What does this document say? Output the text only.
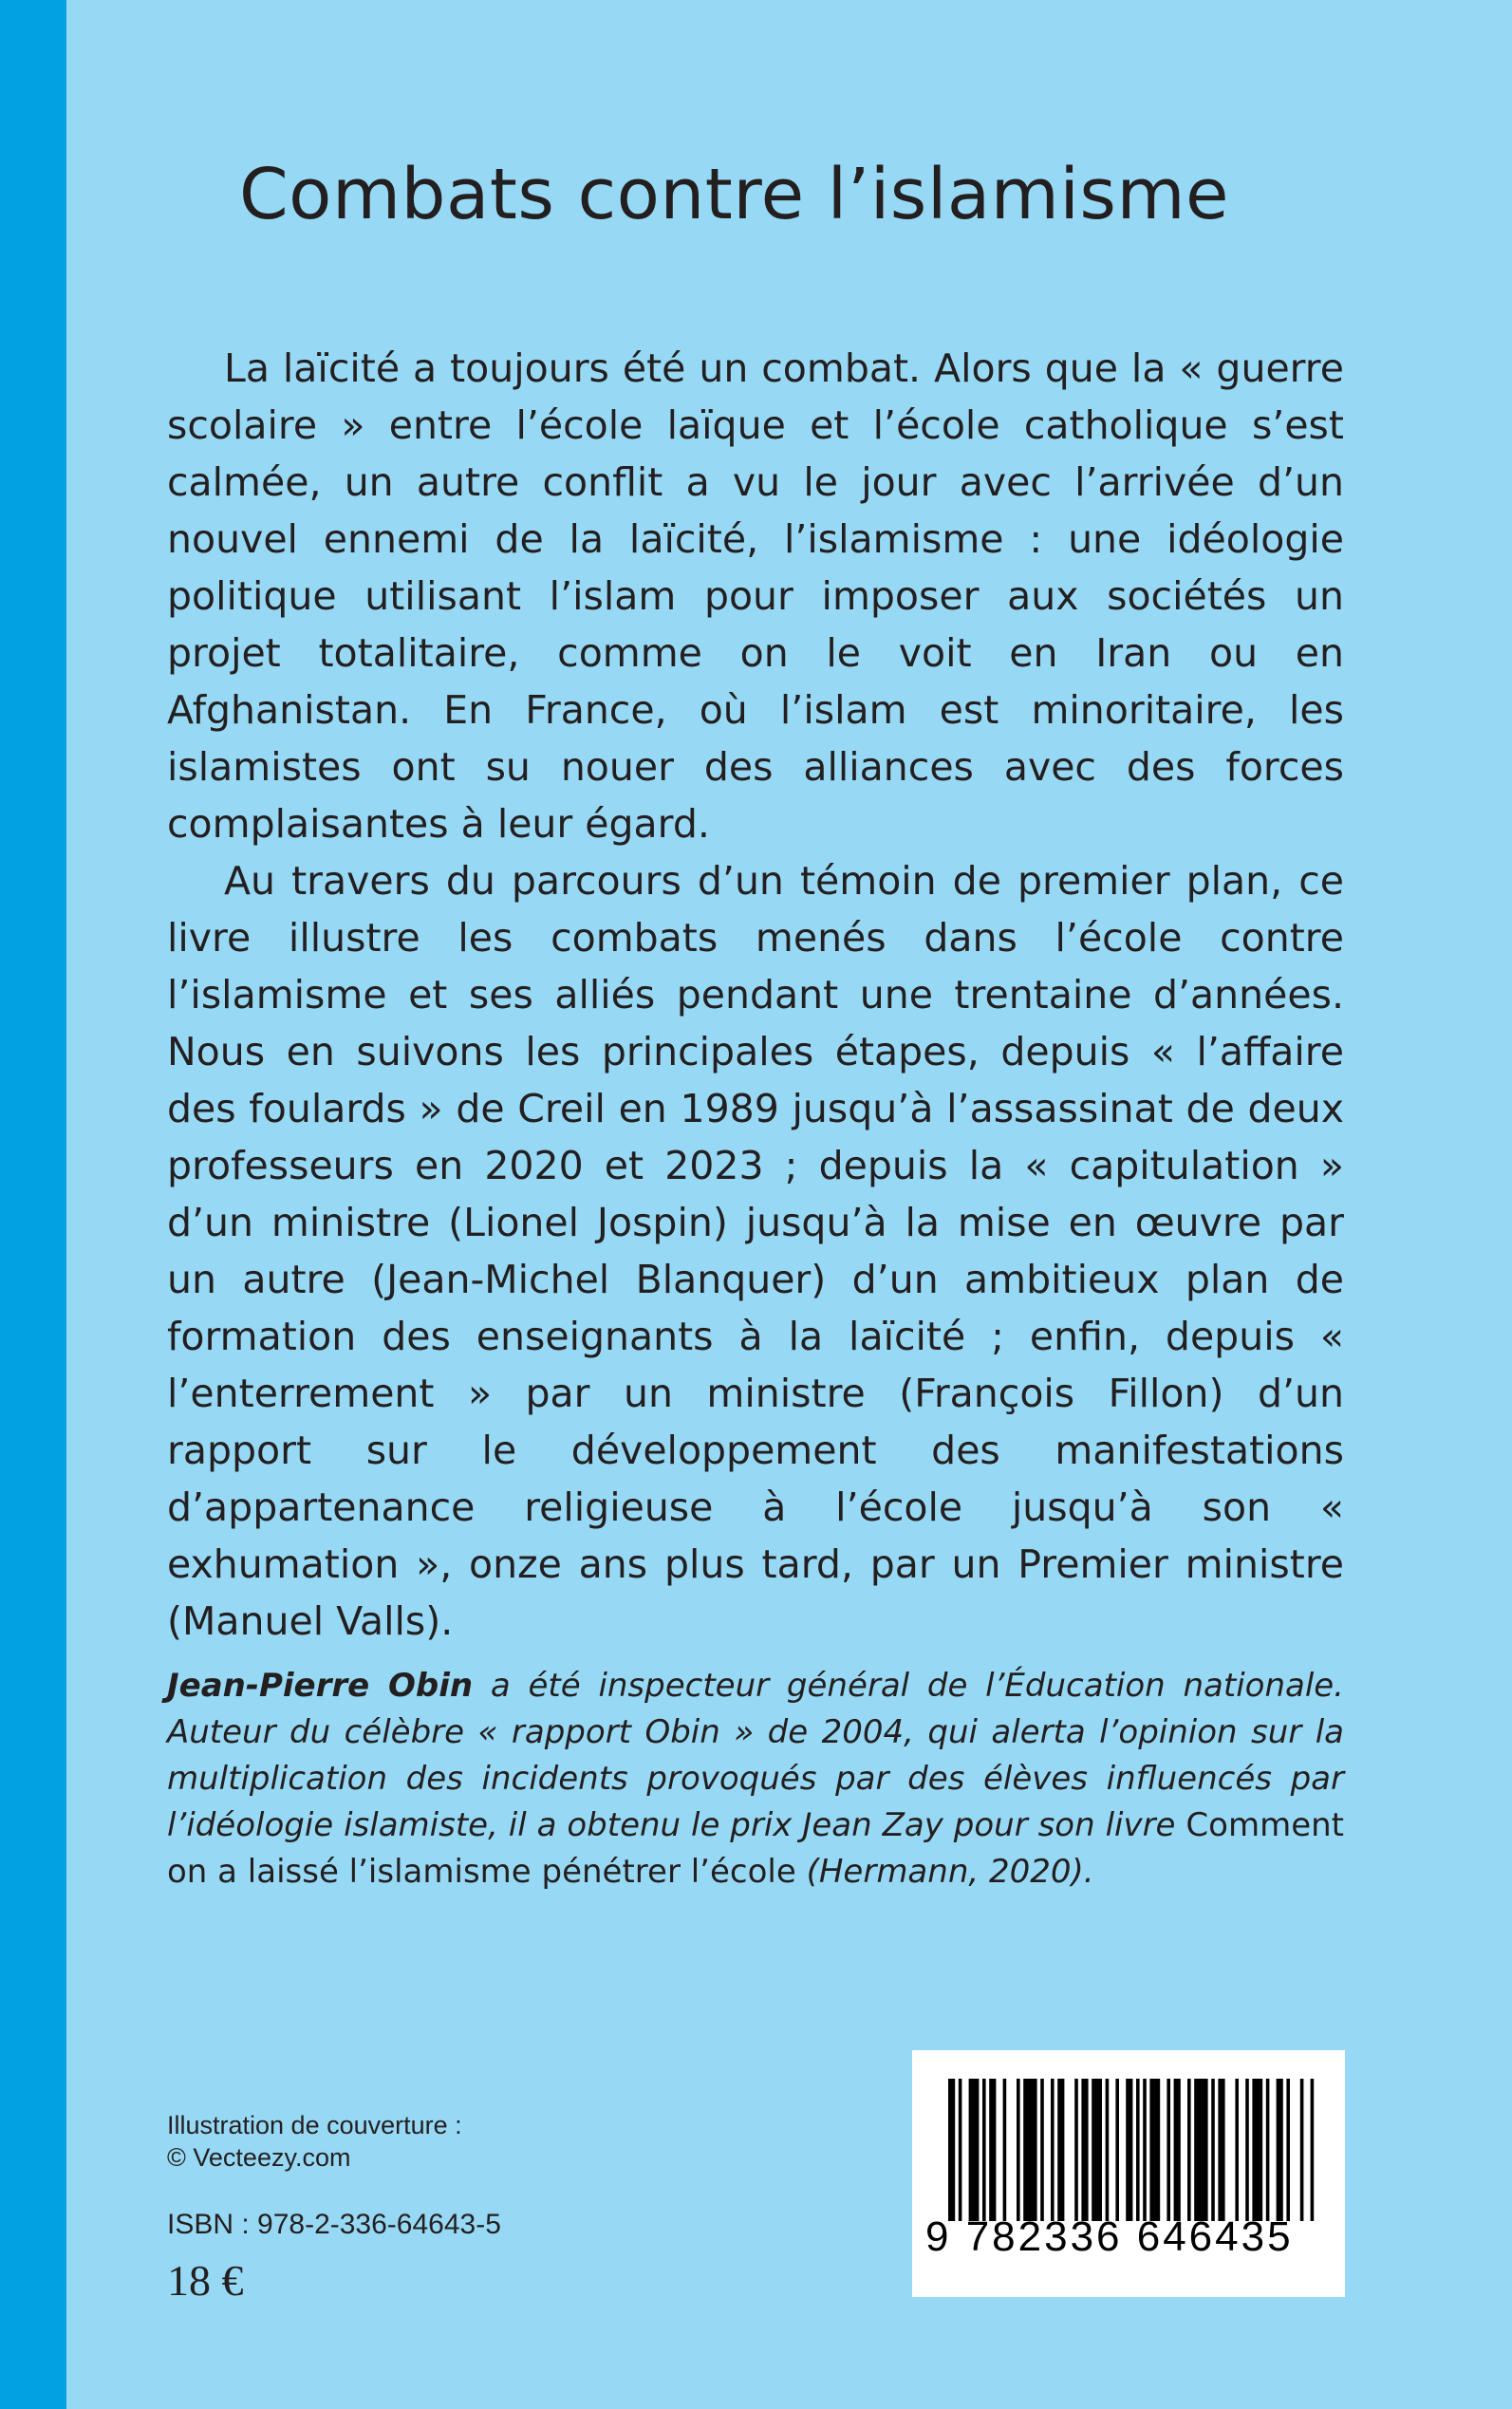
Combats contre l’islamisme

La laïcité a toujours été un combat. Alors que la « guerre scolaire » entre l’école laïque et l’école catholique s’est calmée, un autre conflit a vu le jour avec l’arrivée d’un nouvel ennemi de la laïcité, l’islamisme : une idéologie politique utilisant l’islam pour imposer aux sociétés un projet totalitaire, comme on le voit en Iran ou en Afghanistan. En France, où l’islam est minoritaire, les islamistes ont su nouer des alliances avec des forces complaisantes à leur égard.

Au travers du parcours d’un témoin de premier plan, ce livre illustre les combats menés dans l’école contre l’islamisme et ses alliés pendant une trentaine d’années. Nous en suivons les principales étapes, depuis « l’affaire des foulards » de Creil en 1989 jusqu’à l’assassinat de deux professeurs en 2020 et 2023 ; depuis la « capitulation » d’un ministre (Lionel Jospin) jusqu’à la mise en œuvre par un autre (Jean-Michel Blanquer) d’un ambitieux plan de formation des enseignants à la laïcité ; enfin, depuis « l’enterrement » par un ministre (François Fillon) d’un rapport sur le développement des manifestations d’appartenance religieuse à l’école jusqu’à son « exhumation », onze ans plus tard, par un Premier ministre (Manuel Valls).

Jean-Pierre Obin a été inspecteur général de l’Éducation nationale. Auteur du célèbre « rapport Obin » de 2004, qui alerta l’opinion sur la multiplication des incidents provoqués par des élèves influencés par l’idéologie islamiste, il a obtenu le prix Jean Zay pour son livre Comment on a laissé l’islamisme pénétrer l’école (Hermann, 2020).
Illustration de couverture :
© Vecteezy.com
ISBN : 978-2-336-64643-5
18 €
9 782336 646435
